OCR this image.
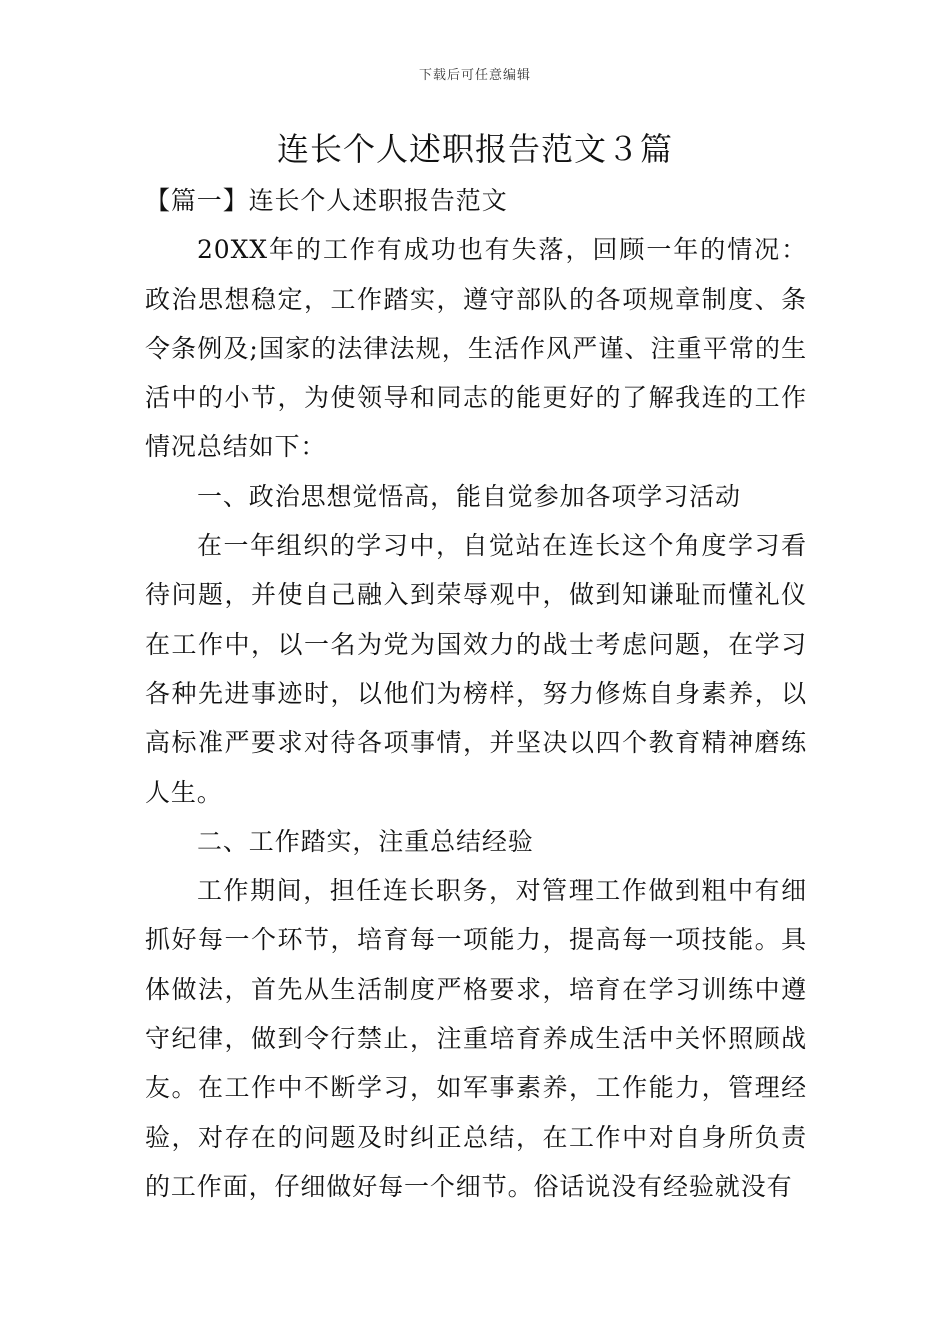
下载后可任意编辑
连长个人述职报告范文３篇

【篇一】连长个人述职报告范文

20XX年的工作有成功也有失落，回顾一年的情况：政治思想稳定，工作踏实，遵守部队的各项规章制度、条令条例及;国家的法律法规，生活作风严谨、注重平常的生活中的小节，为使领导和同志的能更好的了解我连的工作情况总结如下：

一、政治思想觉悟高，能自觉参加各项学习活动

在一年组织的学习中，自觉站在连长这个角度学习看待问题，并使自己融入到荣辱观中，做到知谦耻而懂礼仪在工作中，以一名为党为国效力的战士考虑问题，在学习各种先进事迹时，以他们为榜样，努力修炼自身素养，以高标准严要求对待各项事情，并坚决以四个教育精神磨练人生。

二、工作踏实，注重总结经验

工作期间，担任连长职务，对管理工作做到粗中有细抓好每一个环节，培育每一项能力，提高每一项技能。具体做法，首先从生活制度严格要求，培育在学习训练中遵守纪律，做到令行禁止，注重培育养成生活中关怀照顾战友。在工作中不断学习，如军事素养，工作能力，管理经验，对存在的问题及时纠正总结，在工作中对自身所负责的工作面，仔细做好每一个细节。俗话说没有经验就没有
